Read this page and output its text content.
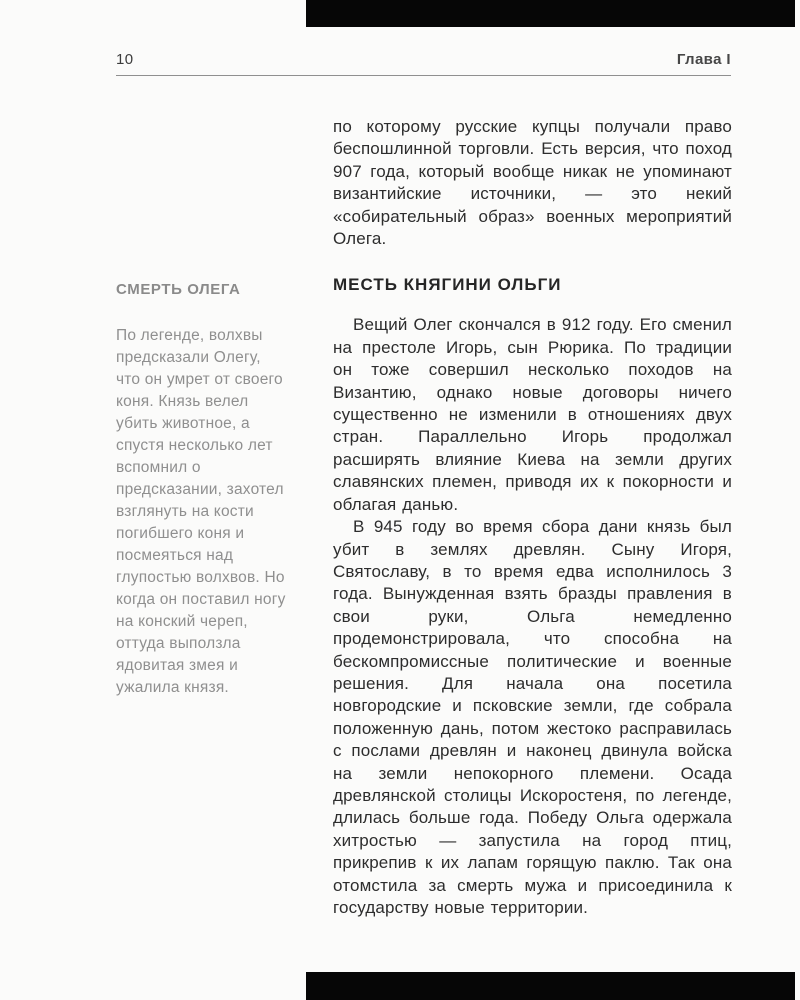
10	Глава I
СМЕРТЬ ОЛЕГА

По легенде, волхвы предсказали Олегу, что он умрет от своего коня. Князь велел убить животное, а спустя несколько лет вспомнил о предсказании, захотел взглянуть на кости погибшего коня и посмеяться над глупостью волхвов. Но когда он поставил ногу на конский череп, оттуда выползла ядовитая змея и ужалила князя.

по которому русские купцы получали право беспошлинной торговли. Есть версия, что поход 907 года, который вообще никак не упоминают византийские источники, — это некий «собирательный образ» военных мероприятий Олега.

МЕСТЬ КНЯГИНИ ОЛЬГИ

Вещий Олег скончался в 912 году. Его сменил на престоле Игорь, сын Рюрика. По традиции он тоже совершил несколько походов на Византию, однако новые договоры ничего существенно не изменили в отношениях двух стран. Параллельно Игорь продолжал расширять влияние Киева на земли других славянских племен, приводя их к покорности и облагая данью.

В 945 году во время сбора дани князь был убит в землях древлян. Сыну Игоря, Святославу, в то время едва исполнилось 3 года. Вынужденная взять бразды правления в свои руки, Ольга немедленно продемонстрировала, что способна на бескомпромиссные политические и военные решения. Для начала она посетила новгородские и псковские земли, где собрала положенную дань, потом жестоко расправилась с послами древлян и наконец двинула войска на земли непокорного племени. Осада древлянской столицы Искоростеня, по легенде, длилась больше года. Победу Ольга одержала хитростью — запустила на город птиц, прикрепив к их лапам горящую паклю. Так она отомстила за смерть мужа и присоединила к государству новые территории.
